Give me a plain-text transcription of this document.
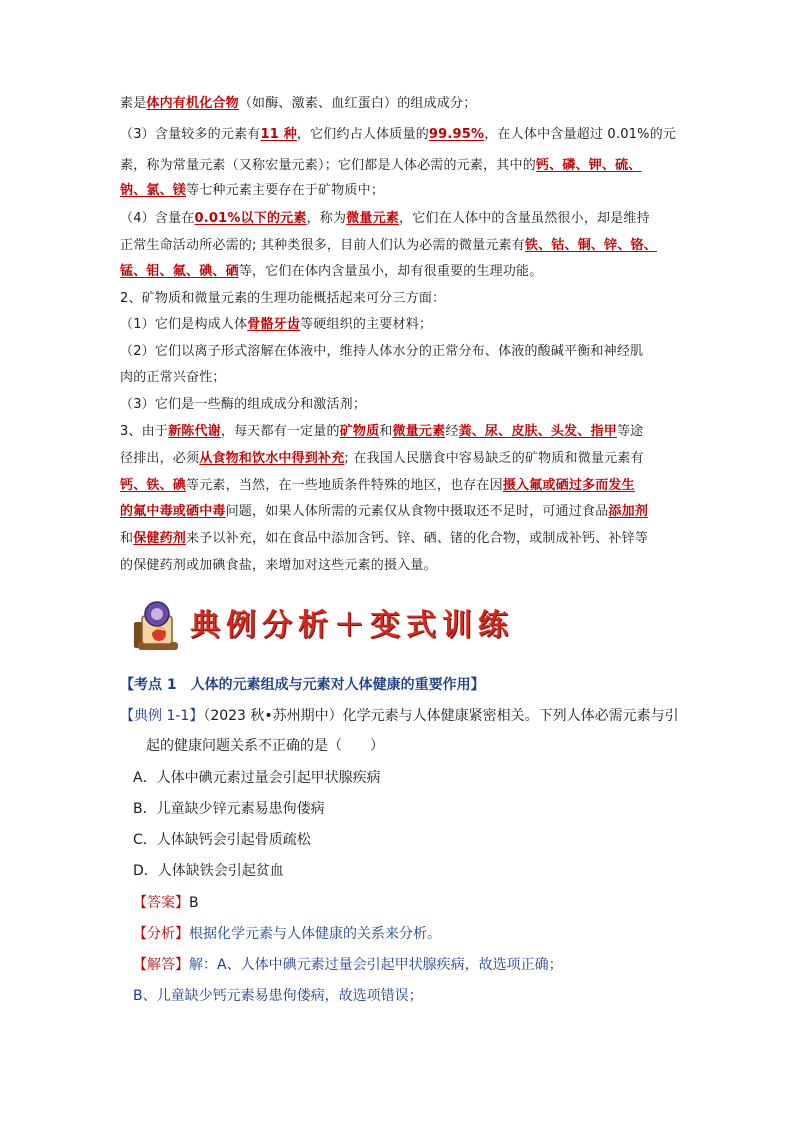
素是体内有机化合物（如酶、激素、血红蛋白）的组成成分；
（3）含量较多的元素有11 种，它们约占人体质量的99.95%，在人体中含量超过 0.01%的元
素，称为常量元素（又称宏量元素）；它们都是人体必需的元素，其中的钙、磷、钾、硫、
钠、氯、镁等七种元素主要存在于矿物质中；
（4）含量在0.01%以下的元素，称为微量元素，它们在人体中的含量虽然很小，却是维持
正常生命活动所必需的; 其种类很多，目前人们认为必需的微量元素有铁、钴、铜、锌、铬、
锰、钼、氟、碘、硒等，它们在体内含量虽小，却有很重要的生理功能。
2、矿物质和微量元素的生理功能概括起来可分三方面：
（1）它们是构成人体骨骼牙齿等硬组织的主要材料；
（2）它们以离子形式溶解在体液中，维持人体水分的正常分布、体液的酸碱平衡和神经肌
肉的正常兴奋性；
（3）它们是一些酶的组成成分和激活剂；
3、由于新陈代谢，每天都有一定量的矿物质和微量元素经粪、尿、皮肤、头发、指甲等途
径排出，必须从食物和饮水中得到补充; 在我国人民膳食中容易缺乏的矿物质和微量元素有
钙、铁、碘等元素，当然，在一些地质条件特殊的地区，也存在因摄入氟或硒过多而发生
的氟中毒或硒中毒问题，如果人体所需的元素仅从食物中摄取还不足时，可通过食品添加剂
和保健药剂来予以补充，如在食品中添加含钙、锌、硒、锗的化合物，或制成补钙、补锌等
的保健药剂或加碘食盐，来增加对这些元素的摄入量。
典例分析＋变式训练
【考点 1　人体的元素组成与元素对人体健康的重要作用】
【典例 1-1】（2023 秋•苏州期中）化学元素与人体健康紧密相关。下列人体必需元素与引
起的健康问题关系不正确的是（　　）
A．人体中碘元素过量会引起甲状腺疾病
B．儿童缺少锌元素易患佝偻病
C．人体缺钙会引起骨质疏松
D．人体缺铁会引起贫血
【答案】B
【分析】根据化学元素与人体健康的关系来分析。
【解答】解：A、人体中碘元素过量会引起甲状腺疾病，故选项正确；
B、儿童缺少钙元素易患佝偻病，故选项错误；
